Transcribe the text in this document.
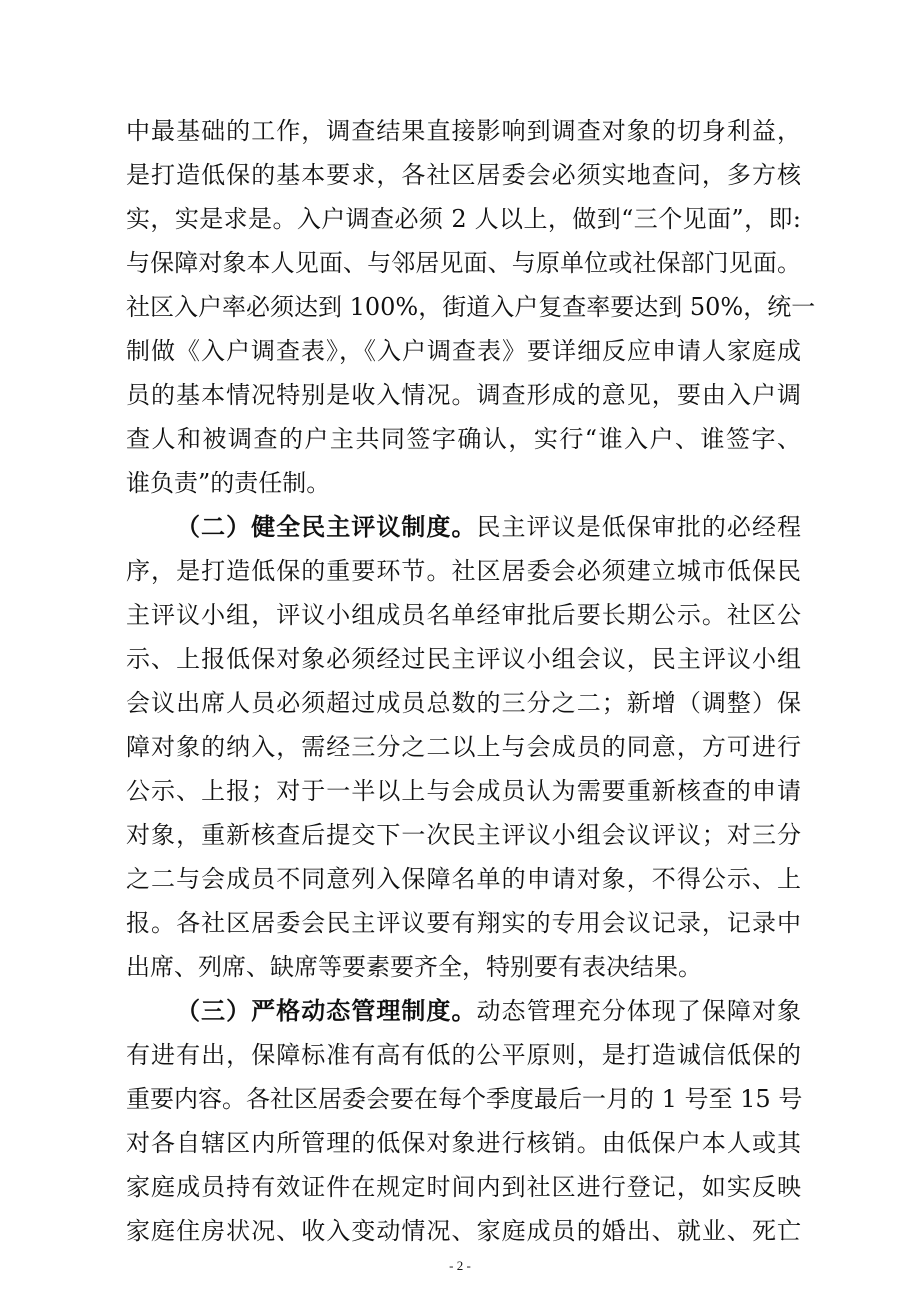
中最基础的工作，调查结果直接影响到调查对象的切身利益，
是打造低保的基本要求，各社区居委会必须实地查问，多方核
实，实是求是。入户调查必须 2 人以上，做到“三个见面”，即:
与保障对象本人见面、与邻居见面、与原单位或社保部门见面。
社区入户率必须达到 100%，街道入户复查率要达到 50%，统一
制做《入户调查表》，《入户调查表》要详细反应申请人家庭成
员的基本情况特别是收入情况。调查形成的意见，要由入户调
查人和被调查的户主共同签字确认，实行“谁入户、谁签字、
谁负责”的责任制。
（二）健全民主评议制度。民主评议是低保审批的必经程
序，是打造低保的重要环节。社区居委会必须建立城市低保民
主评议小组，评议小组成员名单经审批后要长期公示。社区公
示、上报低保对象必须经过民主评议小组会议，民主评议小组
会议出席人员必须超过成员总数的三分之二；新增（调整）保
障对象的纳入，需经三分之二以上与会成员的同意，方可进行
公示、上报；对于一半以上与会成员认为需要重新核查的申请
对象，重新核查后提交下一次民主评议小组会议评议；对三分
之二与会成员不同意列入保障名单的申请对象，不得公示、上
报。各社区居委会民主评议要有翔实的专用会议记录，记录中
出席、列席、缺席等要素要齐全，特别要有表决结果。
（三）严格动态管理制度。动态管理充分体现了保障对象
有进有出，保障标准有高有低的公平原则，是打造诚信低保的
重要内容。各社区居委会要在每个季度最后一月的 1 号至 15 号
对各自辖区内所管理的低保对象进行核销。由低保户本人或其
家庭成员持有效证件在规定时间内到社区进行登记，如实反映
家庭住房状况、收入变动情况、家庭成员的婚出、就业、死亡
- 2 -
